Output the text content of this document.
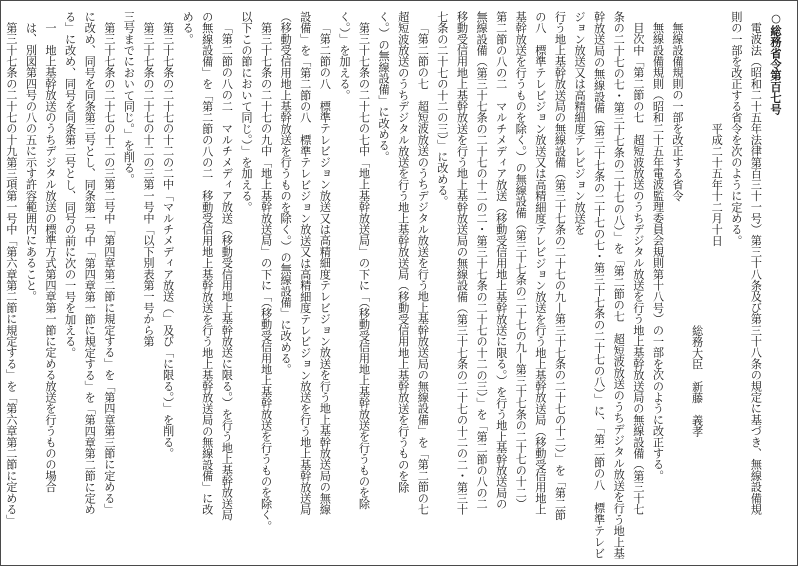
○総務省令第百七号

電波法（昭和二十五年法律第百三十一号）第三十八条及び第三十八条の規定に基づき、無線設備規

則の一部を改正する省令を次のように定める。

平成二十五年十二月十日

総務大臣　新藤　義孝

無線設備規則の一部を改正する省令

無線設備規則（昭和二十五年電波監理委員会規則第十八号）の一部を次のように改正する。

目次中「第二節の七　超短波放送のうちデジタル放送を行う地上基幹放送局の無線設備（第三十七

条の二十七の七・第三十七条の二十七の八）」を「第二節の七　超短波放送のうちデジタル放送を行う地上基幹放送局の無線設備（第三十七条の二十七の七・第三十七条の二十七の八）」に、「第二節の八　標準テレビジョン放送又は高精細度テレビジョン放送を

行う地上基幹放送局の無線設備（第三十七条の二十七の九—第三十七条の二十七の十二）」を「第二節

の八　標準テレビジョン放送又は高精細度テレビジョン放送を行う地上基幹放送局（移動受信用地上

基幹放送を行うものを除く。）の無線設備（第三十七条の二十七の九—第三十七条の二十七の十二）

第二節の八の二　マルチメディア放送（移動受信用地上基幹放送に限る。）を行う地上基幹放送局の

無線設備（第三十七条の二十七の十二の二・第三十七条の二十七の十二の三）」を「第二節の八の二

移動受信用地上基幹放送を行う地上基幹放送局の無線設備（第三十七条の二十七の十二の二・第三十

七条の二十七の十二の三）」に改める。

「第二節の七　超短波放送のうちデジタル放送を行う地上基幹放送局の無線設備」を「第二節の七

超短波放送のうちデジタル放送を行う地上基幹放送局（移動受信用地上基幹放送を行うものを除

く。）の無線設備」に改める。

第三十七条の二十七の七中「地上基幹放送局」の下に「（移動受信用地上基幹放送を行うものを除

く。）」を加える。

「第二節の八　標準テレビジョン放送又は高精細度テレビジョン放送を行う地上基幹放送局の無線

設備」を「第二節の八　標準テレビジョン放送又は高精細度テレビジョン放送を行う地上基幹放送局

（移動受信用地上基幹放送を行うものを除く。）の無線設備」に改める。

第三十七条の二十七の九中「地上基幹放送局」の下に「（移動受信用地上基幹放送を行うものを除く。

以下この節において同じ。）」を加える。

「第二節の八の二　マルチメディア放送（移動受信用地上基幹放送に限る。）を行う地上基幹放送局

の無線設備」を「第二節の八の二　移動受信用地上基幹放送を行う地上基幹放送局の無線設備」に改

める。

第三十七条の二十七の十二の二中「マルチメディア放送（」及び「に限る。）」を削る。

第三十七条の二十七の十二の三第一号中「以下別表第一号から第

三号までにおいて同じ。」を削る。

第三十七条の二十七の十二の三第二号中「第四章第二節に規定する」を「第四章第三節に定める」

に改め、同号を同条第三号とし、同条第一号中「第四章第一節に規定する」を「第四章第二節に定め

る」に改め、同号を同条第二号とし、同号の前に次の一号を加える。

一　地上基幹放送のうちデジタル放送の標準方式第四章第一節に定める放送を行うものの場合

は、別図第四号の八の五に示す許容範囲内にあること。

第三十七条の二十七の十九第三項第一号中「第六章第二節に規定する」を「第六章第二節に定める」
